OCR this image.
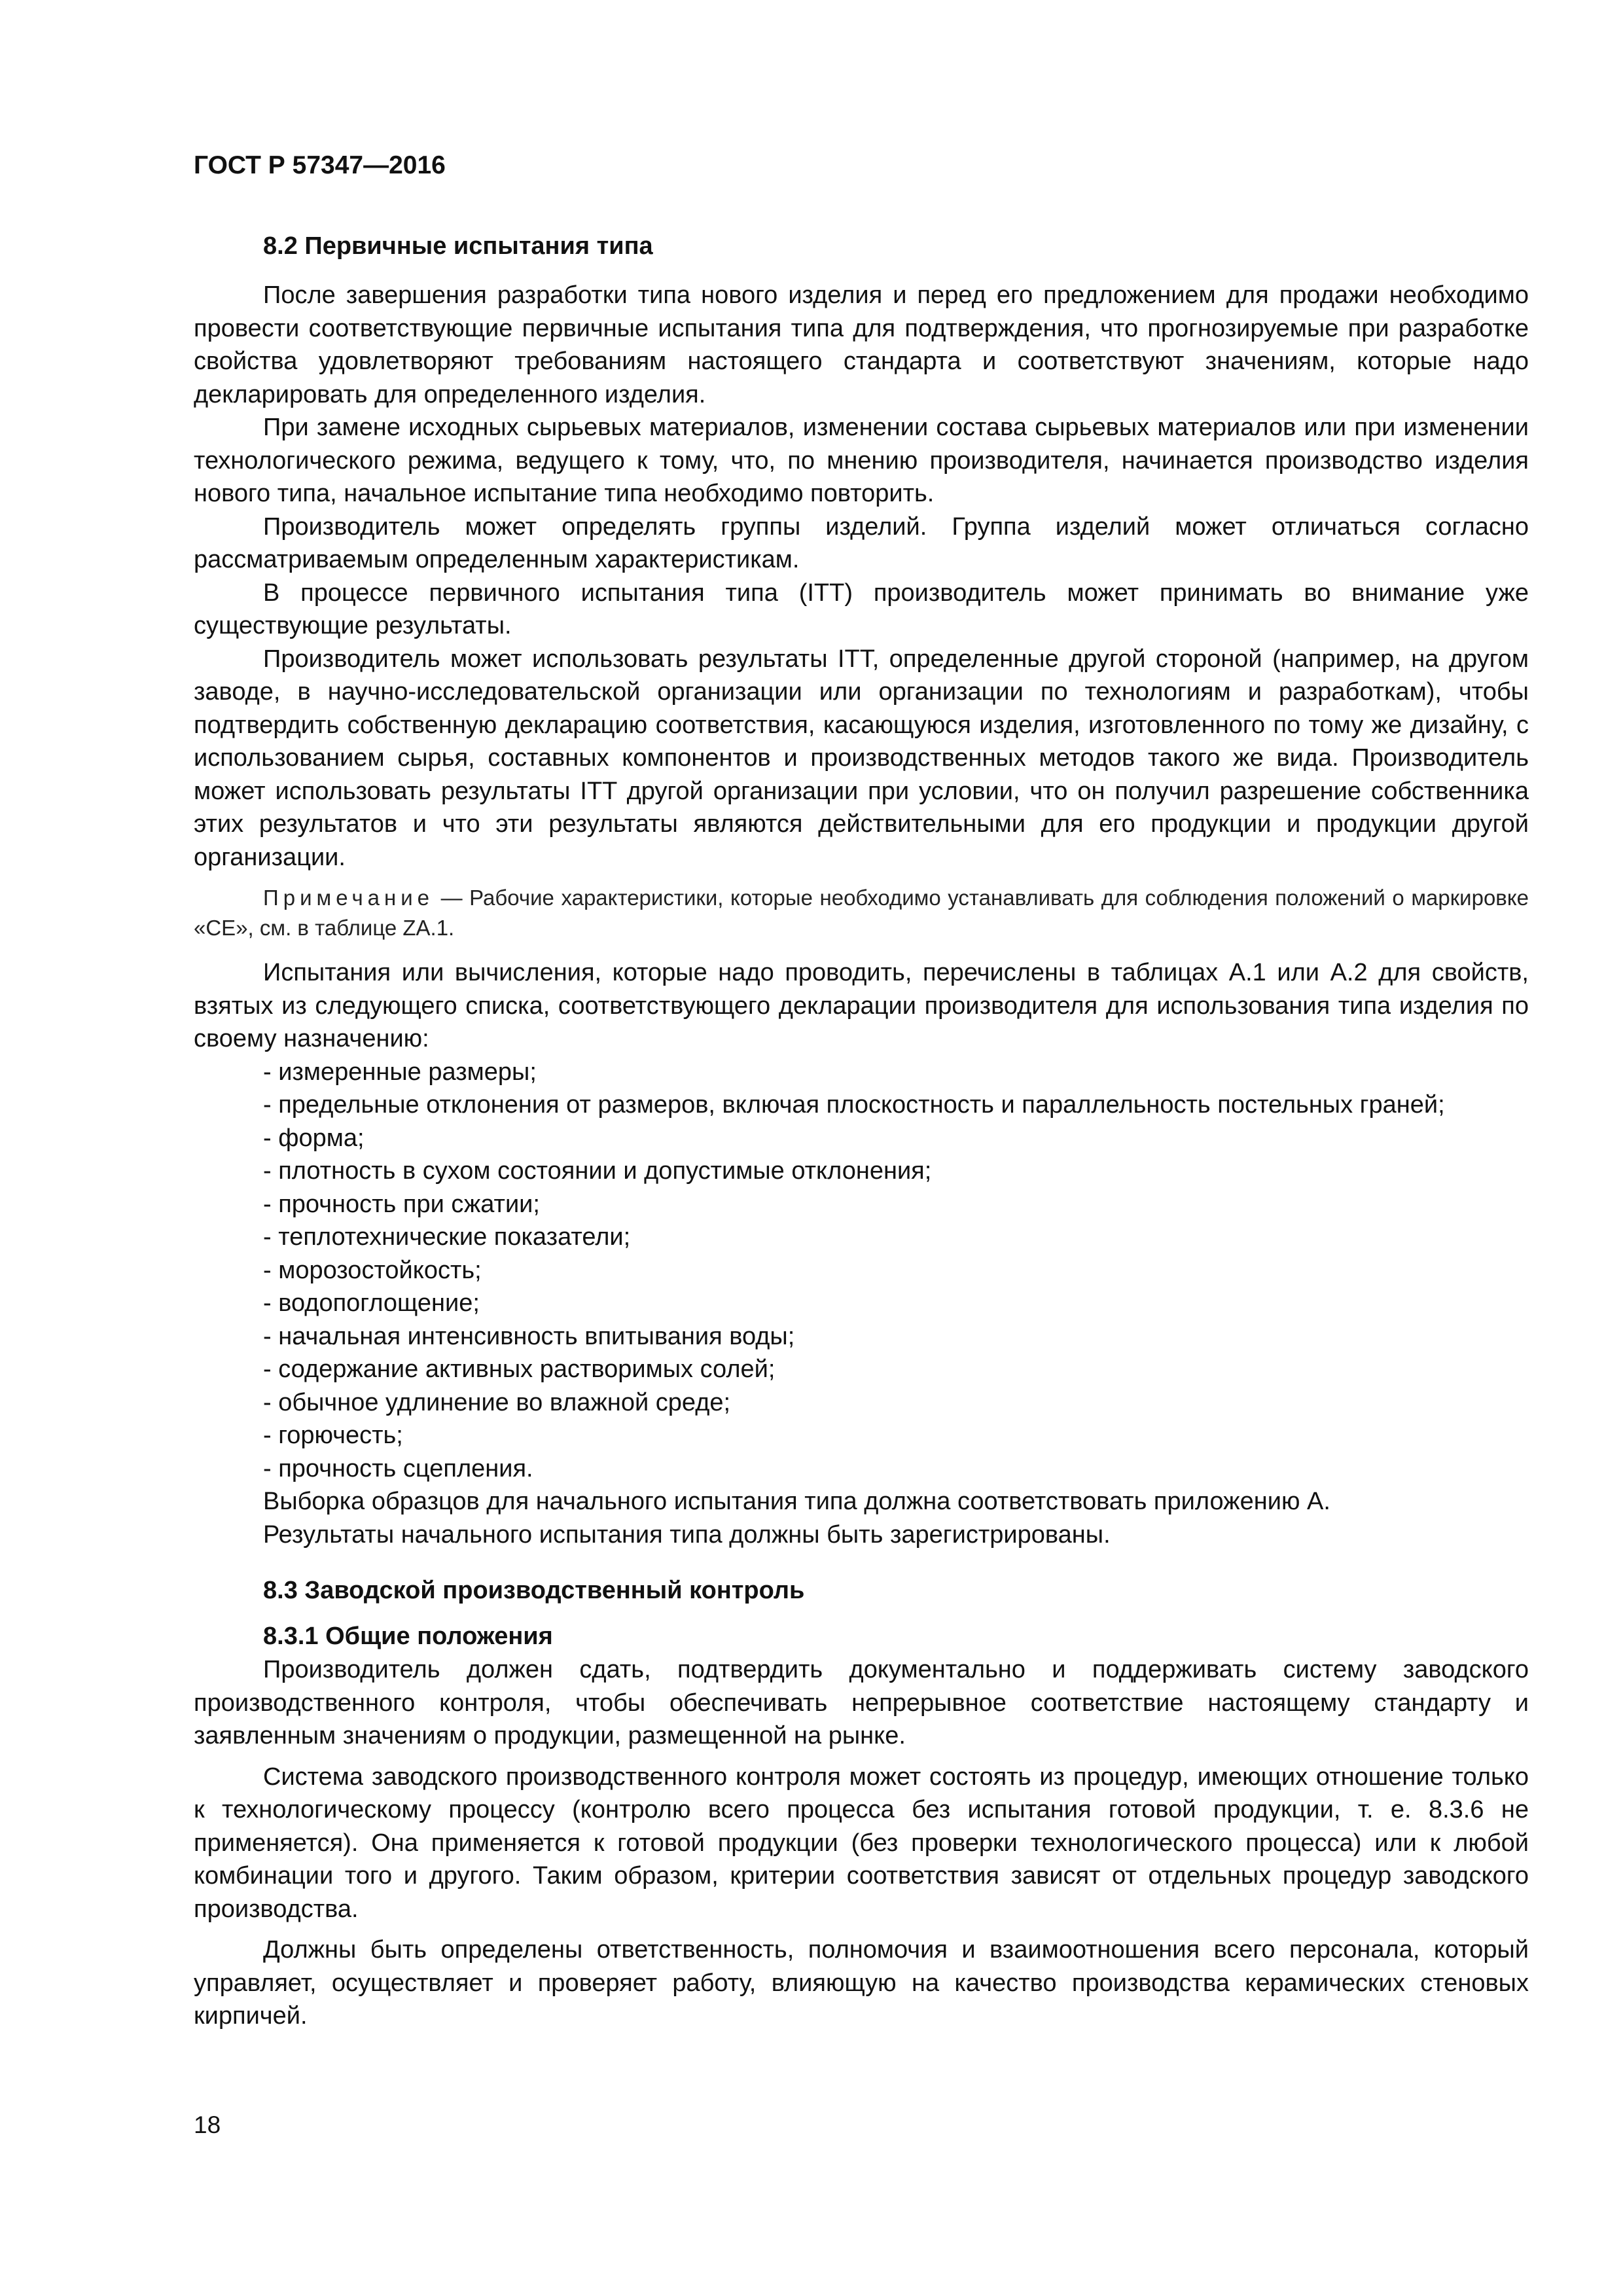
ГОСТ Р 57347—2016
8.2 Первичные испытания типа

После завершения разработки типа нового изделия и перед его предложением для продажи необходимо провести соответствующие первичные испытания типа для подтверждения, что прогнозируемые при разработке свойства удовлетворяют требованиям настоящего стандарта и соответствуют значениям, которые надо декларировать для определенного изделия.

При замене исходных сырьевых материалов, изменении состава сырьевых материалов или при изменении технологического режима, ведущего к тому, что, по мнению производителя, начинается производство изделия нового типа, начальное испытание типа необходимо повторить.

Производитель может определять группы изделий. Группа изделий может отличаться согласно рассматриваемым определенным характеристикам.

В процессе первичного испытания типа (ITT) производитель может принимать во внимание уже существующие результаты.

Производитель может использовать результаты ITT, определенные другой стороной (например, на другом заводе, в научно-исследовательской организации или организации по технологиям и разработкам), чтобы подтвердить собственную декларацию соответствия, касающуюся изделия, изготовленного по тому же дизайну, с использованием сырья, составных компонентов и производственных методов такого же вида. Производитель может использовать результаты ITT другой организации при условии, что он получил разрешение собственника этих результатов и что эти результаты являются действительными для его продукции и продукции другой организации.

Примечание — Рабочие характеристики, которые необходимо устанавливать для соблюдения положений о маркировке «CE», см. в таблице ZA.1.

Испытания или вычисления, которые надо проводить, перечислены в таблицах А.1 или А.2 для свойств, взятых из следующего списка, соответствующего декларации производителя для использования типа изделия по своему назначению:

- измеренные размеры;
- предельные отклонения от размеров, включая плоскостность и параллельность постельных граней;
- форма;
- плотность в сухом состоянии и допустимые отклонения;
- прочность при сжатии;
- теплотехнические показатели;
- морозостойкость;
- водопоглощение;
- начальная интенсивность впитывания воды;
- содержание активных растворимых солей;
- обычное удлинение во влажной среде;
- горючесть;
- прочность сцепления.

Выборка образцов для начального испытания типа должна соответствовать приложению А.

Результаты начального испытания типа должны быть зарегистрированы.

8.3 Заводской производственный контроль
8.3.1 Общие положения

Производитель должен сдать, подтвердить документально и поддерживать систему заводского производственного контроля, чтобы обеспечивать непрерывное соответствие настоящему стандарту и заявленным значениям о продукции, размещенной на рынке.

Система заводского производственного контроля может состоять из процедур, имеющих отношение только к технологическому процессу (контролю всего процесса без испытания готовой продукции, т. е. 8.3.6 не применяется). Она применяется к готовой продукции (без проверки технологического процесса) или к любой комбинации того и другого. Таким образом, критерии соответствия зависят от отдельных процедур заводского производства.

Должны быть определены ответственность, полномочия и взаимоотношения всего персонала, который управляет, осуществляет и проверяет работу, влияющую на качество производства керамических стеновых кирпичей.

18
